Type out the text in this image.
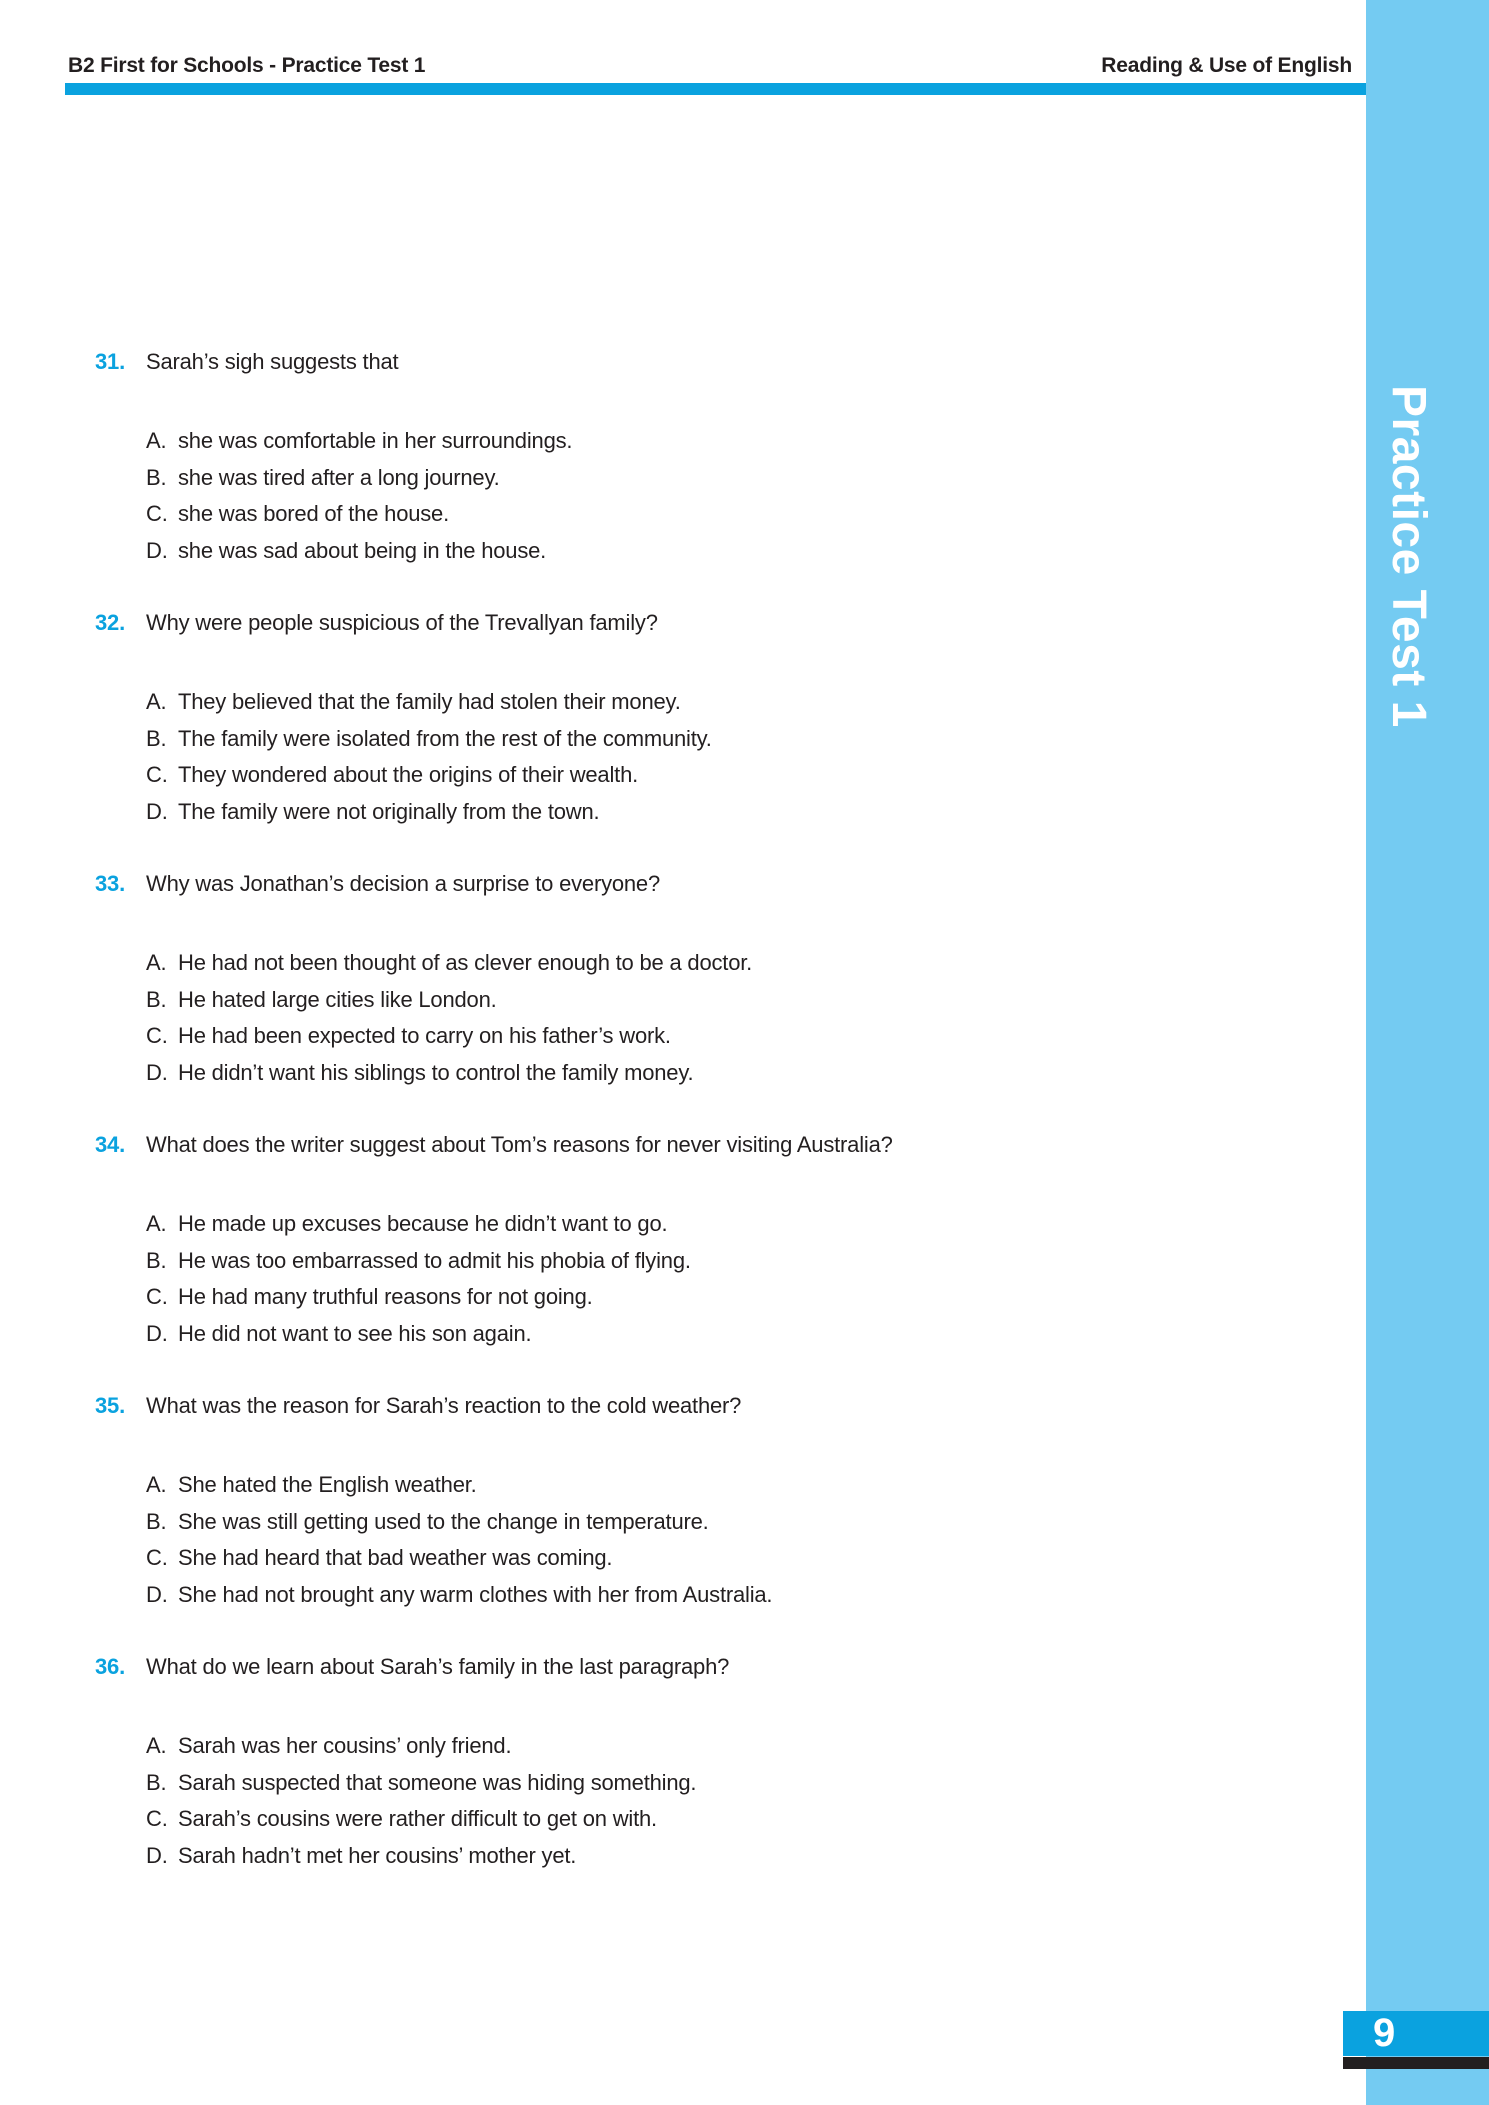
B2 First for Schools - Practice Test 1	Reading & Use of English
Practice Test 1
9
31. Sarah’s sigh suggests that
A. she was comfortable in her surroundings.
B. she was tired after a long journey.
C. she was bored of the house.
D. she was sad about being in the house.
32. Why were people suspicious of the Trevallyan family?
A. They believed that the family had stolen their money.
B. The family were isolated from the rest of the community.
C. They wondered about the origins of their wealth.
D. The family were not originally from the town.
33. Why was Jonathan’s decision a surprise to everyone?
A. He had not been thought of as clever enough to be a doctor.
B. He hated large cities like London.
C. He had been expected to carry on his father’s work.
D. He didn’t want his siblings to control the family money.
34. What does the writer suggest about Tom’s reasons for never visiting Australia?
A. He made up excuses because he didn’t want to go.
B. He was too embarrassed to admit his phobia of flying.
C. He had many truthful reasons for not going.
D. He did not want to see his son again.
35. What was the reason for Sarah’s reaction to the cold weather?
A. She hated the English weather.
B. She was still getting used to the change in temperature.
C. She had heard that bad weather was coming.
D. She had not brought any warm clothes with her from Australia.
36. What do we learn about Sarah’s family in the last paragraph?
A. Sarah was her cousins’ only friend.
B. Sarah suspected that someone was hiding something.
C. Sarah’s cousins were rather difficult to get on with.
D. Sarah hadn’t met her cousins’ mother yet.
